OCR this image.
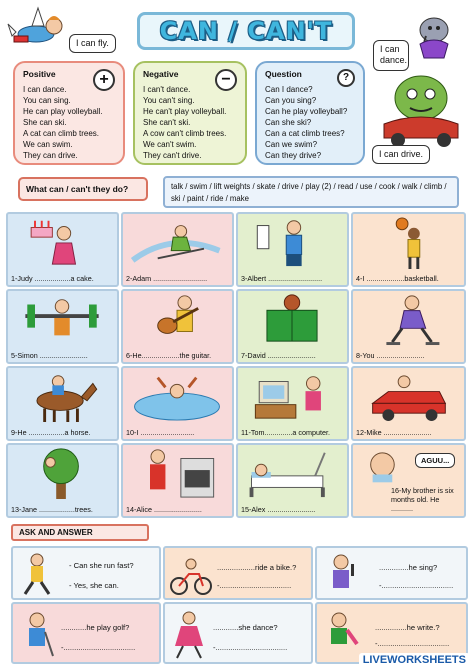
I can fly. CAN / CAN'T
I can dance.
I can drive.
Positive	+
I can dance.
You can sing.
He can play volleyball.
She can ski.
A cat can climb trees.
We can swim.
They can drive.
Negative	−
I can't dance.
You can't sing.
He can't play volleyball.
She can't ski.
A cow can't climb trees.
We can't swim.
They can't drive.
Question	?
Can I dance?
Can you sing?
Can he play volleyball?
Can she ski?
Can a cat climb trees?
Can we swim?
Can they drive?
What can / can't they do?	talk / swim / lift weights / skate / drive / play (2) / read / use / cook / walk / climb / ski / paint / ride / make
1-Judy ..................a cake.	2-Adam ...........................	3-Albert ...........................	4-I ...................basketball.
5-Simon ........................	6-He...................the guitar.	7-David ........................	8-You ........................
9-He ..................a horse.	10-I ...........................	11-Tom..............a computer.	12-Mike ........................
13-Jane ..................trees.	14-Alice ........................	15-Alex ........................
AGUU...
16-My brother is six months old. He ...........
ASK AND ANSWER
- Can she run fast?
- Yes, she can.
..................ride a bike.?
-..................................
..............he sing?
-..................................
............he play golf?
-..................................
............she dance?
-..................................
...............he write.?
-..................................
LIVEWORKSHEETS
